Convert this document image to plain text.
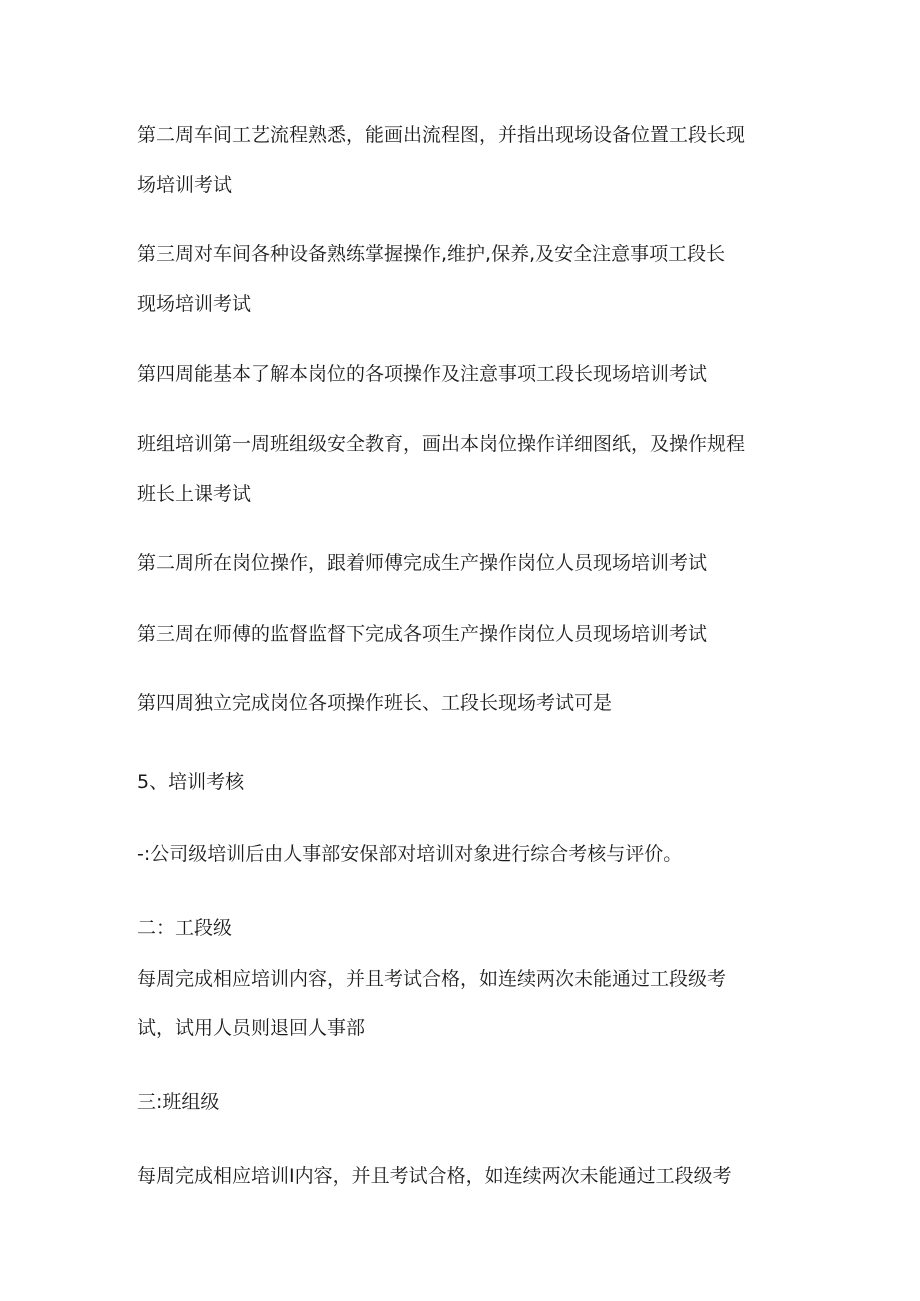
第二周车间工艺流程熟悉，能画出流程图，并指出现场设备位置工段长现
场培训考试
第三周对车间各种设备熟练掌握操作,维护,保养,及安全注意事项工段长
现场培训考试
第四周能基本了解本岗位的各项操作及注意事项工段长现场培训考试
班组培训第一周班组级安全教育，画出本岗位操作详细图纸，及操作规程
班长上课考试
第二周所在岗位操作，跟着师傅完成生产操作岗位人员现场培训考试
第三周在师傅的监督监督下完成各项生产操作岗位人员现场培训考试
第四周独立完成岗位各项操作班长、工段长现场考试可是
5、培训考核
-:公司级培训后由人事部安保部对培训对象进行综合考核与评价。
二：工段级
每周完成相应培训内容，并且考试合格，如连续两次未能通过工段级考
试，试用人员则退回人事部
三:班组级
每周完成相应培训I内容，并且考试合格，如连续两次未能通过工段级考
